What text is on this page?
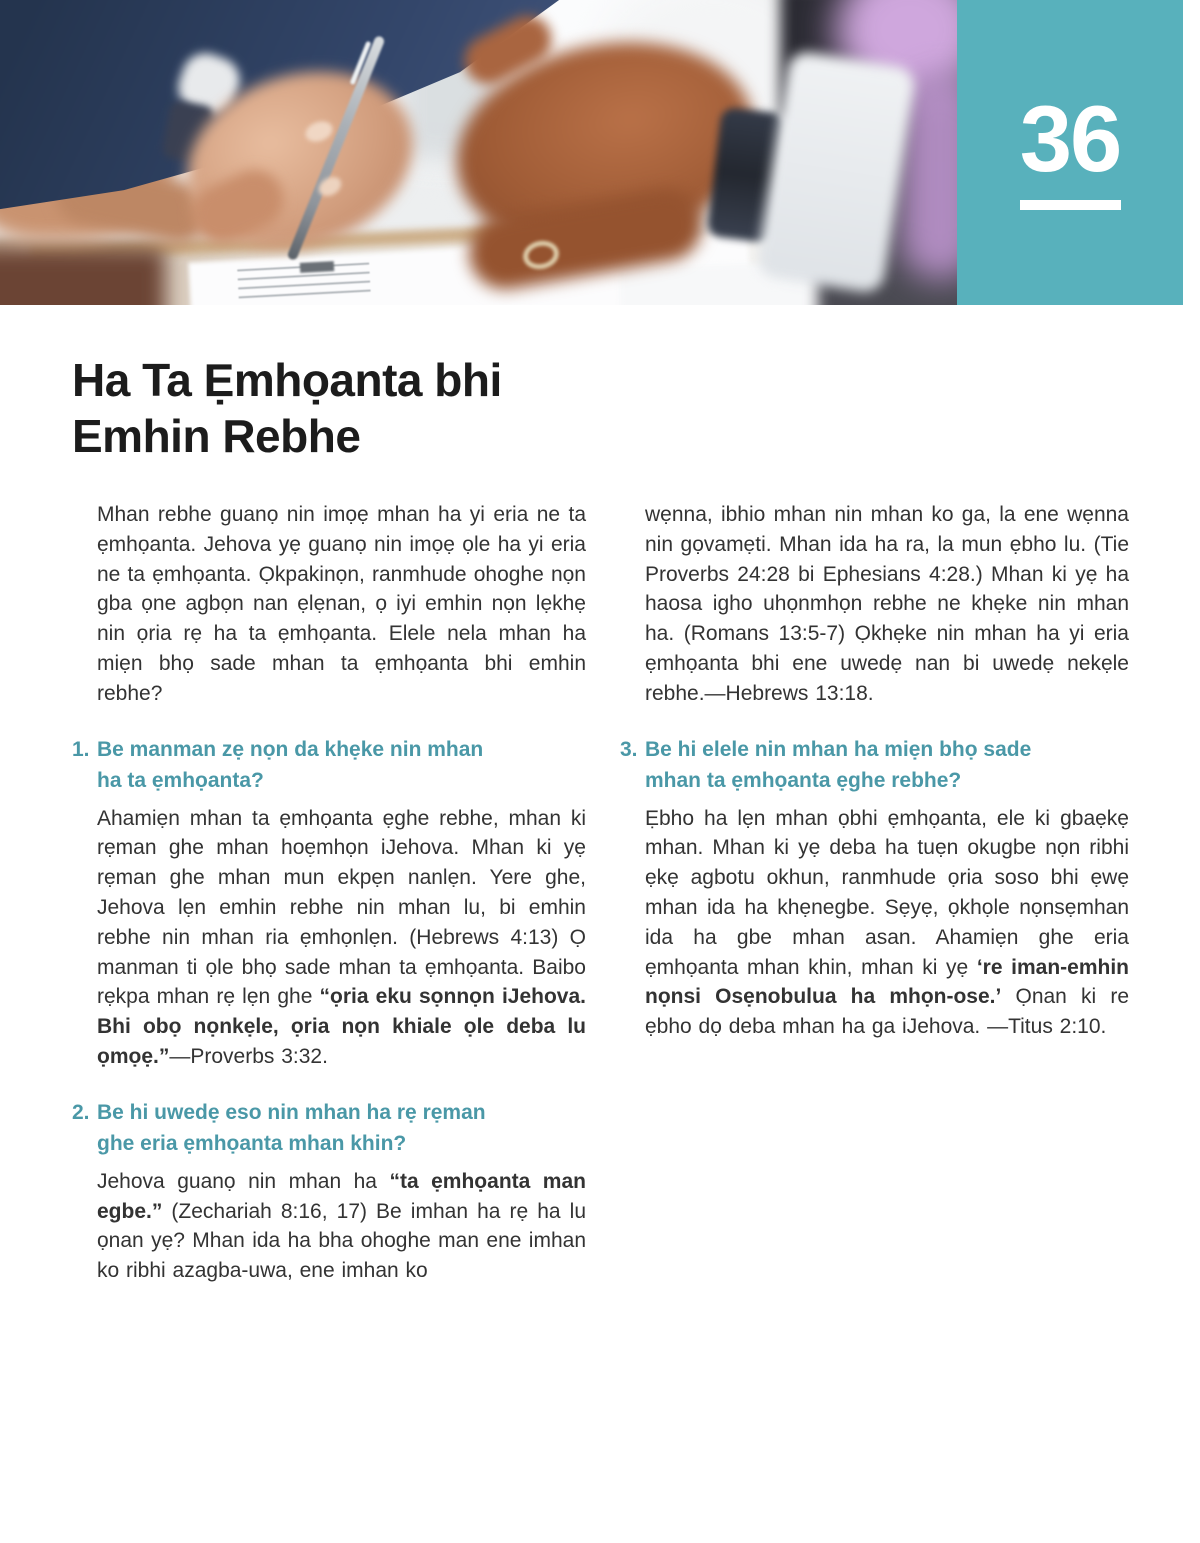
36
Ha Ta Ẹmhọanta bhi
Emhin Rebhe

Mhan rebhe guanọ nin imọẹ mhan ha yi eria ne ta ẹmhọanta. Jehova yẹ guanọ nin imọẹ ọle ha yi eria ne ta ẹmhọanta. Ọkpakinọn, ranmhude ohoghe nọn gba ọne agbọn nan ẹlẹnan, ọ iyi emhin nọn lẹkhẹ nin ọria rẹ ha ta ẹmhọanta. Elele nela mhan ha miẹn bhọ sade mhan ta ẹmhọanta bhi emhin rebhe?

1. Be manman zẹ nọn da khẹke nin mhan
ha ta ẹmhọanta?

Ahamiẹn mhan ta ẹmhọanta ẹghe rebhe, mhan ki rẹman ghe mhan hoẹmhọn iJehova. Mhan ki yẹ rẹman ghe mhan mun ekpẹn nanlẹn. Yere ghe, Jehova lẹn emhin rebhe nin mhan lu, bi emhin rebhe nin mhan ria ẹmhọnlẹn. (Hebrews 4:13) Ọ manman ti ọle bhọ sade mhan ta ẹmhọanta. Baibo rẹkpa mhan rẹ lẹn ghe “ọria eku sọnnọn iJehova. Bhi obọ nọnkẹle, ọria nọn khiale ọle deba lu ọmọẹ.”—Proverbs 3:32.

2. Be hi uwedẹ eso nin mhan ha rẹ rẹman
ghe eria ẹmhọanta mhan khin?

Jehova guanọ nin mhan ha “ta ẹmhọanta man egbe.” (Zechariah 8:16, 17) Be imhan ha rẹ ha lu ọnan yẹ? Mhan ida ha bha ohoghe man ene imhan ko ribhi azagba-uwa, ene imhan ko

wẹnna, ibhio mhan nin mhan ko ga, la ene wẹnna nin gọvamẹti. Mhan ida ha ra, la mun ẹbho lu. (Tie Proverbs 24:28 bi Ephesians 4:28.) Mhan ki yẹ ha haosa igho uhọnmhọn rebhe ne khẹke nin mhan ha. (Romans 13:5-7) Ọkhẹke nin mhan ha yi eria ẹmhọanta bhi ene uwedẹ nan bi uwedẹ nekẹle rebhe.—Hebrews 13:18.

3. Be hi elele nin mhan ha miẹn bhọ sade
mhan ta ẹmhọanta ẹghe rebhe?

Ẹbho ha lẹn mhan ọbhi ẹmhọanta, ele ki gbaẹkẹ mhan. Mhan ki yẹ deba ha tuẹn okugbe nọn ribhi ẹkẹ agbotu okhun, ranmhude ọria soso bhi ẹwẹ mhan ida ha khẹnegbe. Sẹyẹ, ọkhọle nọnsẹmhan ida ha gbe mhan asan. Ahamiẹn ghe eria ẹmhọanta mhan khin, mhan ki yẹ ‘re iman-emhin nọnsi Osẹnobulua ha mhọn-ose.’ Ọnan ki re ẹbho dọ deba mhan ha ga iJehova. —Titus 2:10.
